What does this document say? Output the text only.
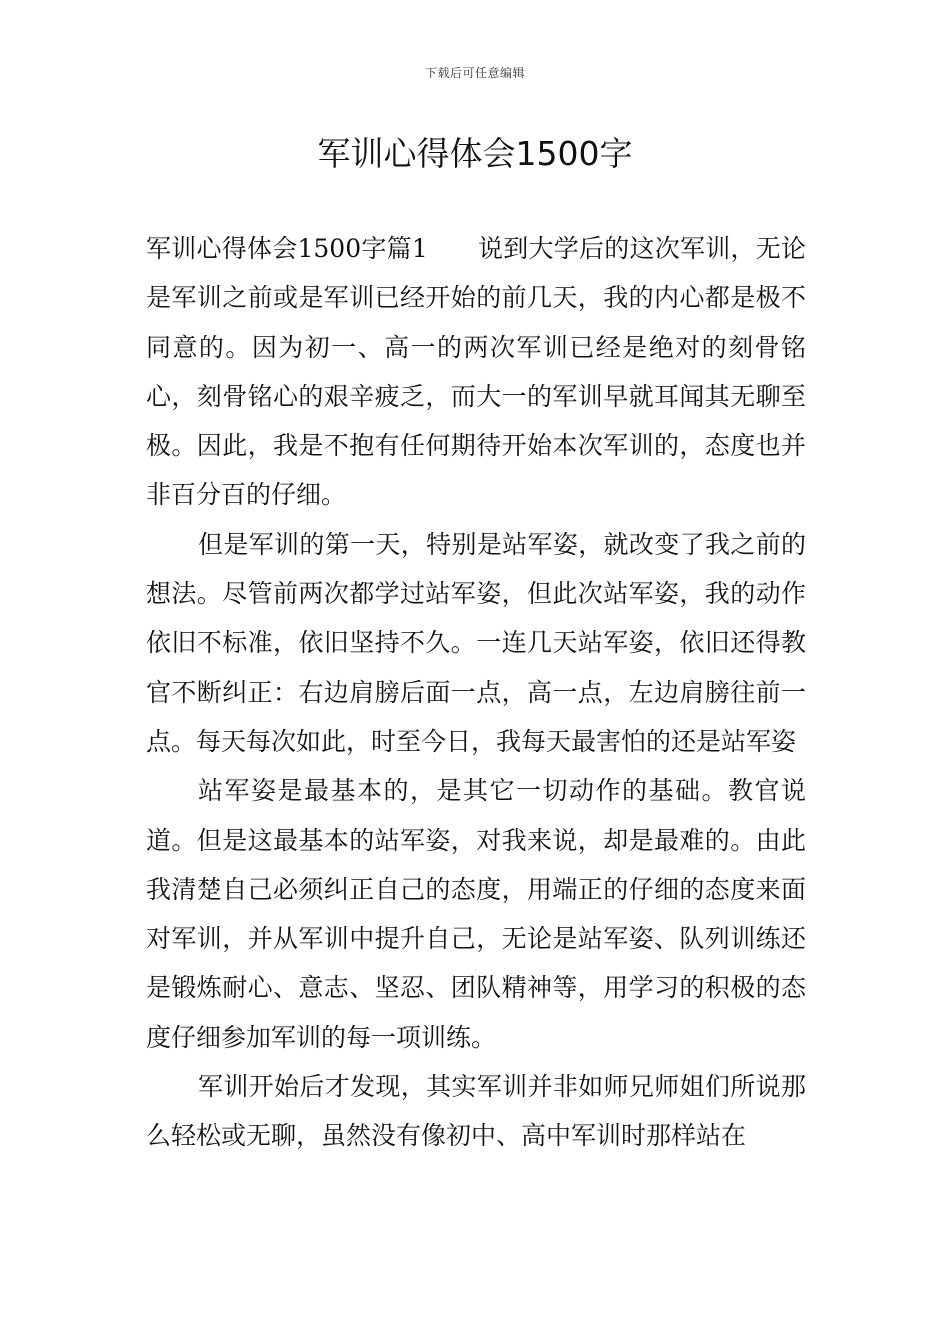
下载后可任意编辑
军训心得体会1500字

军训心得体会1500字篇1 说到大学后的这次军训，无论是军训之前或是军训已经开始的前几天，我的内心都是极不同意的。因为初一、高一的两次军训已经是绝对的刻骨铭心，刻骨铭心的艰辛疲乏，而大一的军训早就耳闻其无聊至极。因此，我是不抱有任何期待开始本次军训的，态度也并非百分百的仔细。

但是军训的第一天，特别是站军姿，就改变了我之前的想法。尽管前两次都学过站军姿，但此次站军姿，我的动作依旧不标准，依旧坚持不久。一连几天站军姿，依旧还得教官不断纠正：右边肩膀后面一点，高一点，左边肩膀往前一点。每天每次如此，时至今日，我每天最害怕的还是站军姿

站军姿是最基本的，是其它一切动作的基础。教官说道。但是这最基本的站军姿，对我来说，却是最难的。由此我清楚自己必须纠正自己的态度，用端正的仔细的态度来面对军训，并从军训中提升自己，无论是站军姿、队列训练还是锻炼耐心、意志、坚忍、团队精神等，用学习的积极的态度仔细参加军训的每一项训练。

军训开始后才发现，其实军训并非如师兄师姐们所说那么轻松或无聊，虽然没有像初中、高中军训时那样站在
